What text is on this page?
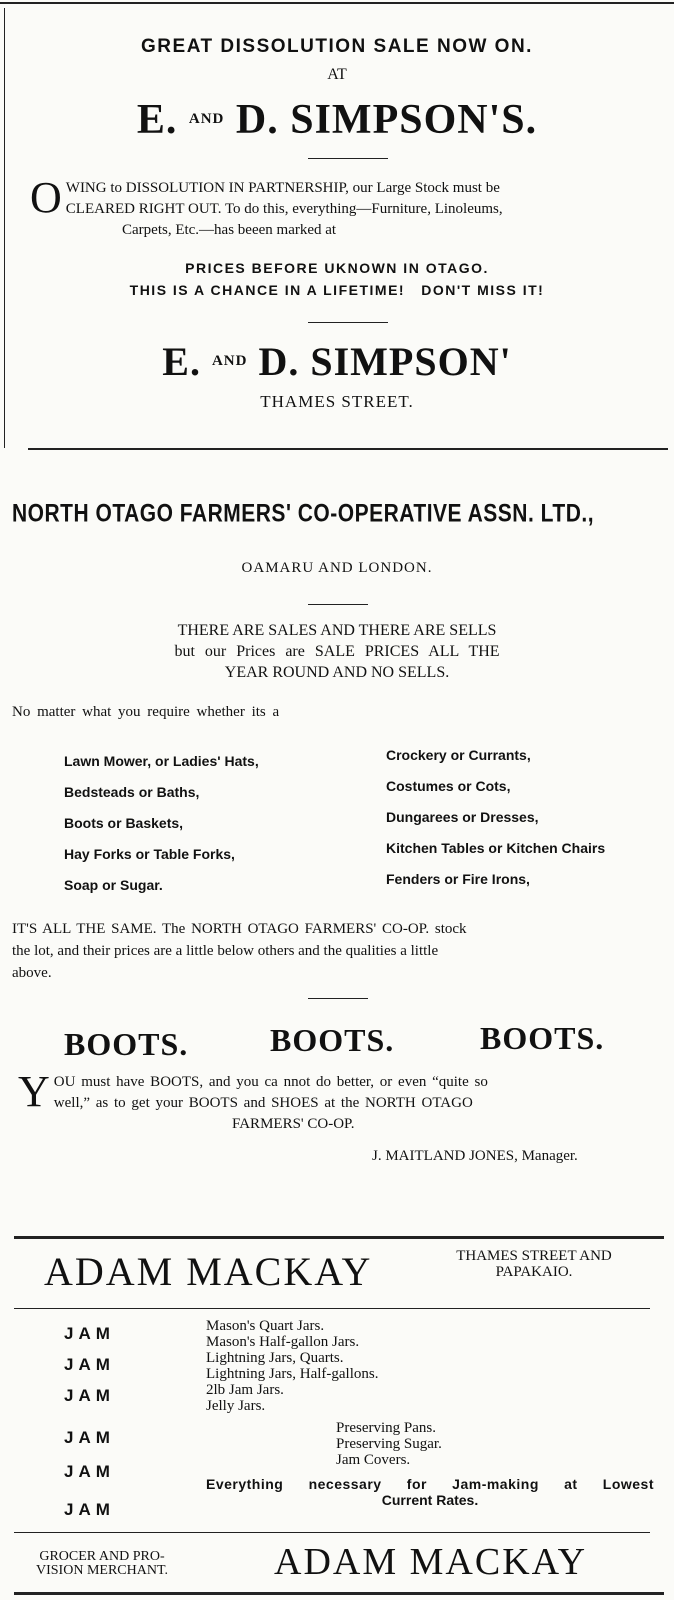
GREAT DISSOLUTION SALE NOW ON.
AT
E. $^{AND}$ D. SIMPSON'S.
O WING to DISSOLUTION IN PARTNERSHIP, our Large Stock must be
CLEARED RIGHT OUT. To do this, everything—Furniture, Linoleums,
Carpets, Etc.—has beeen marked at
PRICES BEFORE UKNOWN IN OTAGO.
THIS IS A CHANCE IN A LIFETIME!   DON'T MISS IT!
E. $^{AND}$ D. SIMPSON'
THAMES STREET.
NORTH OTAGO FARMERS' CO-OPERATIVE ASSN. LTD.,
OAMARU AND LONDON.
THERE ARE SALES AND THERE ARE SELLS
but our Prices are SALE PRICES ALL THE
YEAR ROUND AND NO SELLS.
No matter what you require whether its a
Lawn Mower, or Ladies' Hats,
Bedsteads or Baths,
Boots or Baskets,
Hay Forks or Table Forks,
Soap or Sugar.
Crockery or Currants,
Costumes or Cots,
Dungarees or Dresses,
Kitchen Tables or Kitchen Chairs
Fenders or Fire Irons,
IT'S ALL THE SAME. The NORTH OTAGO FARMERS' CO-OP. stock
the lot, and their prices are a little below others and the qualities a little
above.
BOOTS.	BOOTS.	BOOTS.
Y OU must have BOOTS, and you ca nnot do better, or even “quite so
well,” as to get your BOOTS and SHOES at the NORTH OTAGO
FARMERS' CO-OP.
J. MAITLAND JONES, Manager.
ADAM MACKAY	THAMES STREET AND
PAPAKAIO.
JAM
JAM
JAM
JAM
JAM
JAM
Mason's Quart Jars.
Mason's Half-gallon Jars.
Lightning Jars, Quarts.
Lightning Jars, Half-gallons.
2lb Jam Jars.
Jelly Jars.
Preserving Pans.
Preserving Sugar.
Jam Covers.
Everything necessary for Jam-making at Lowest
Current Rates.
GROCER AND PRO-
VISION MERCHANT.	ADAM MACKAY
